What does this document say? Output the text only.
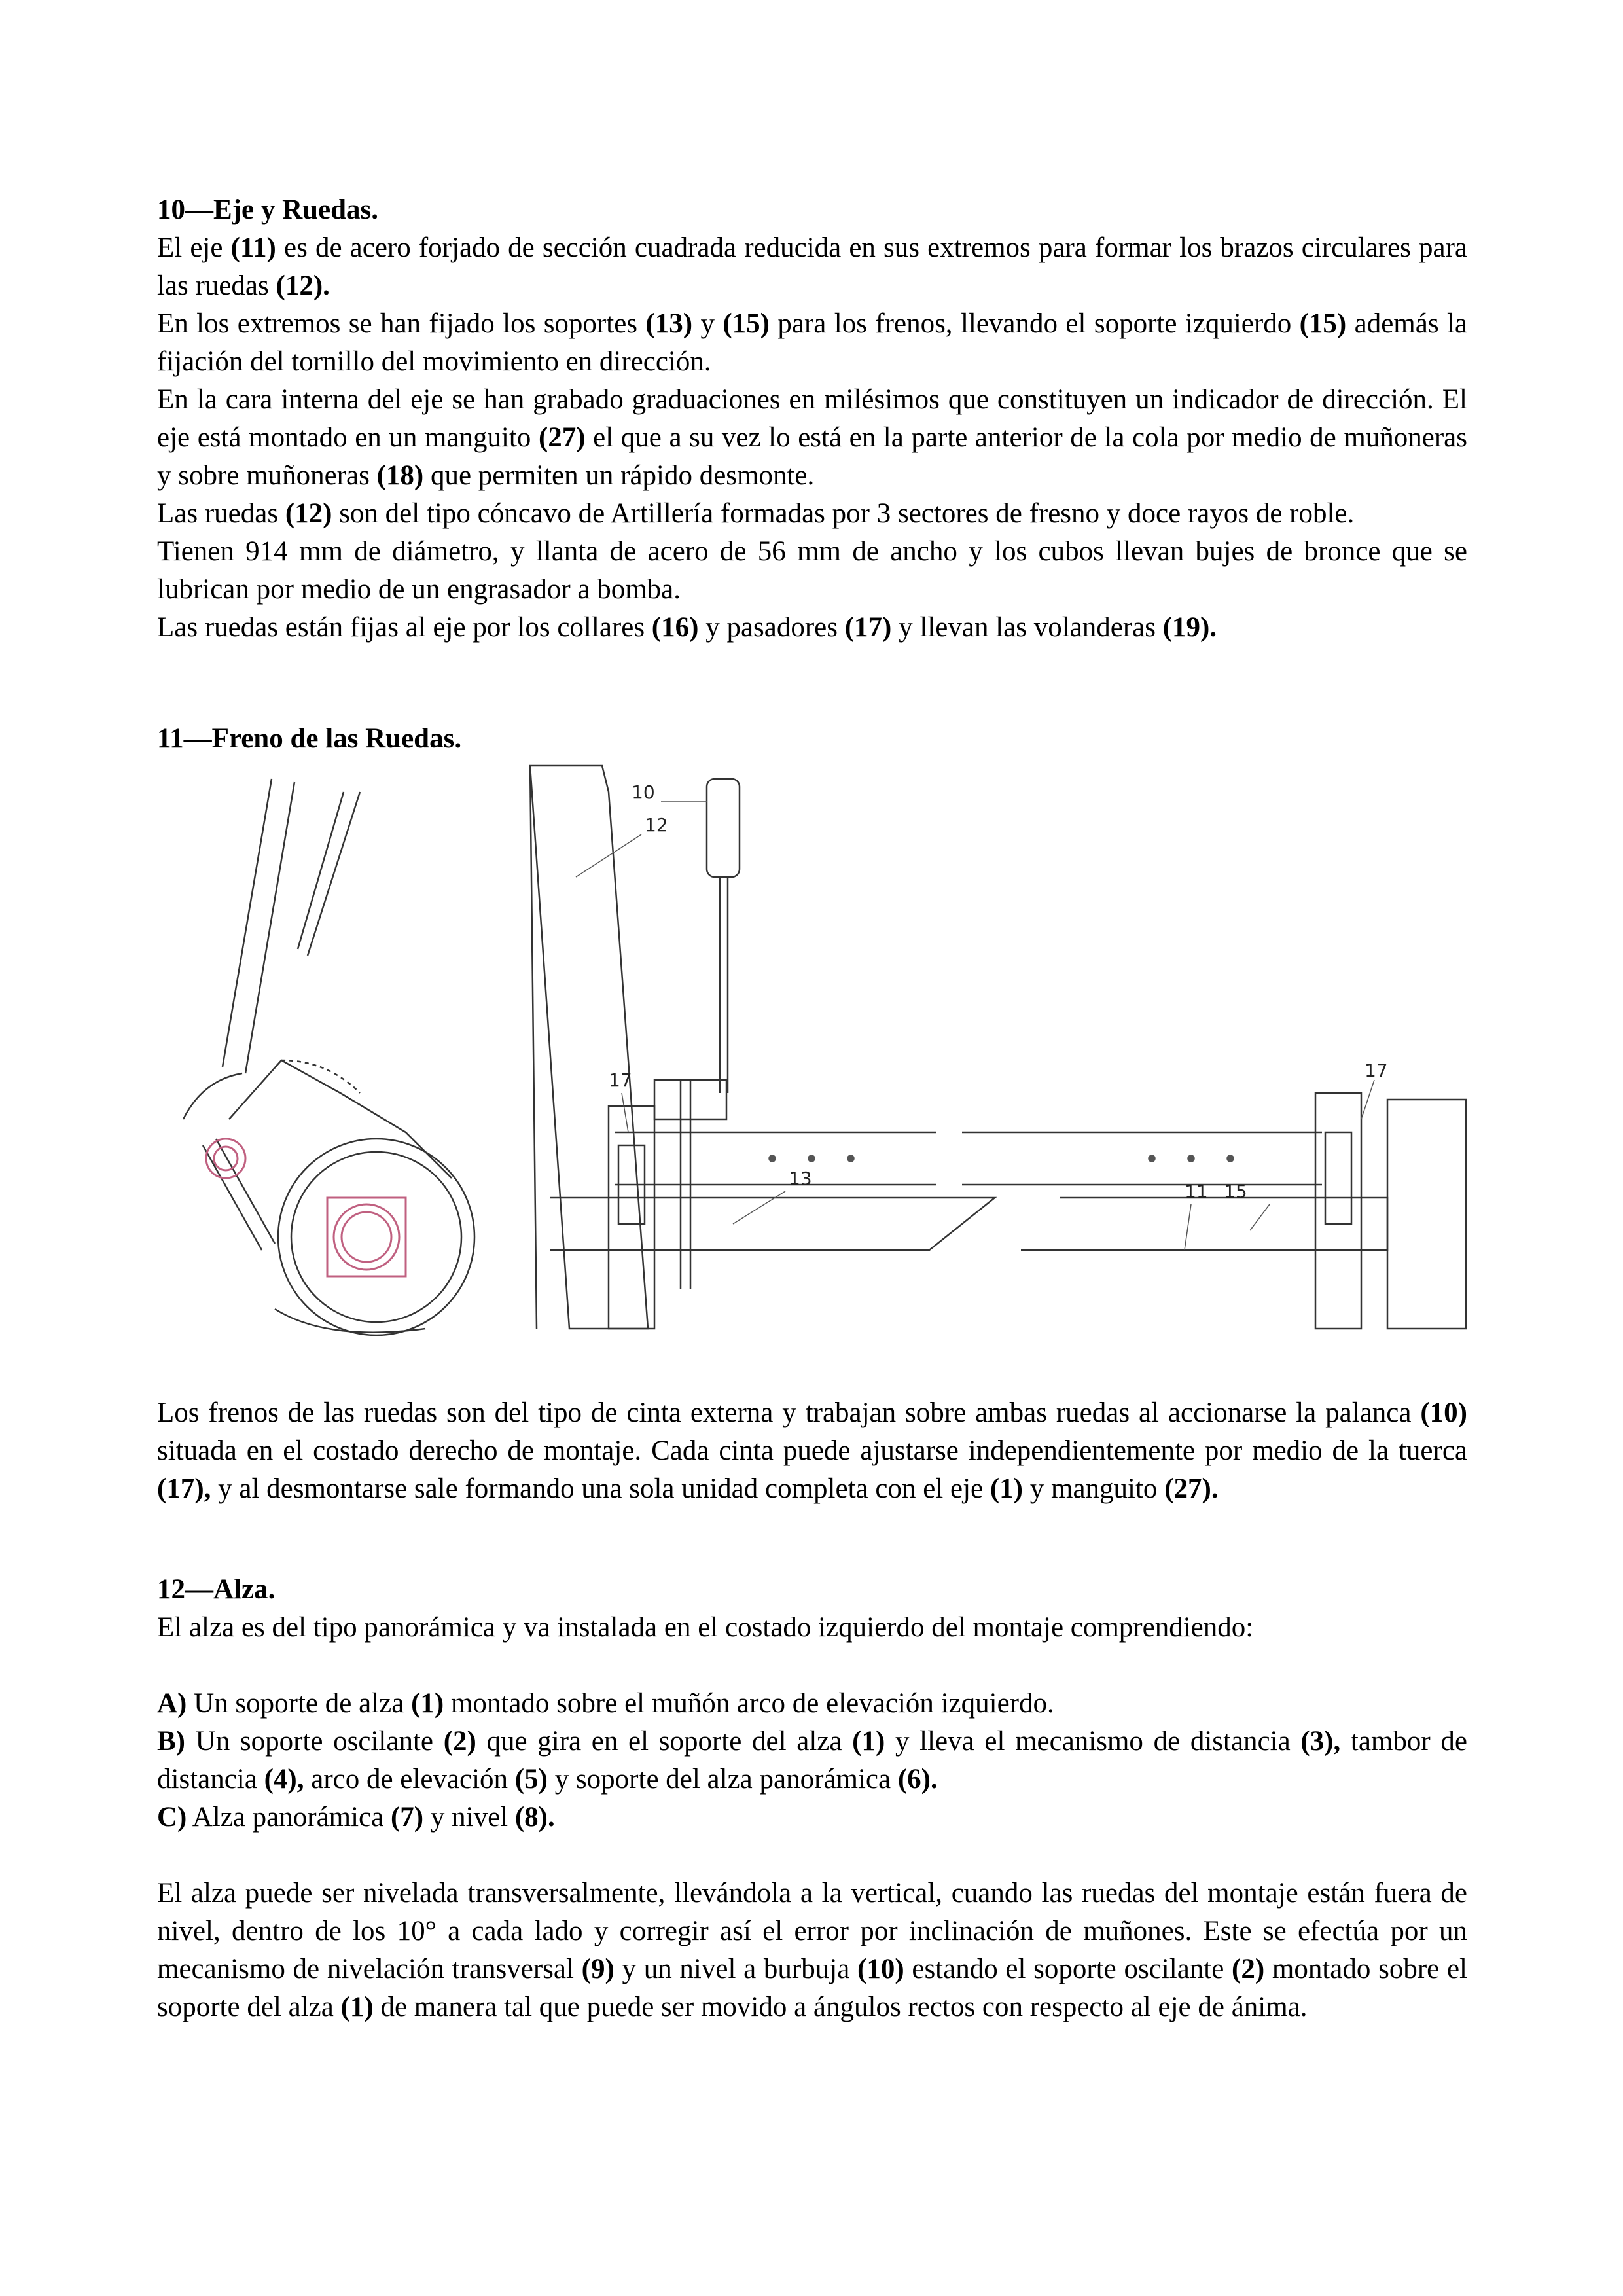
10—Eje y Ruedas.

El eje (11) es de acero forjado de sección cuadrada reducida en sus extremos para formar los brazos circulares para las ruedas (12).

En los extremos se han fijado los soportes (13) y (15) para los frenos, llevando el soporte izquierdo (15) además la fijación del tornillo del movimiento en dirección.

En la cara interna del eje se han grabado graduaciones en milésimos que constituyen un indicador de dirección. El eje está montado en un manguito (27) el que a su vez lo está en la parte anterior de la cola por medio de muñoneras y sobre muñoneras (18) que permiten un rápido desmonte.

Las ruedas (12) son del tipo cóncavo de Artillería formadas por 3 sectores de fresno y doce rayos de roble.

Tienen 914 mm de diámetro, y llanta de acero de 56 mm de ancho y los cubos llevan bujes de bronce que se lubrican por medio de un engrasador a bomba.

Las ruedas están fijas al eje por los collares (16) y pasadores (17) y llevan las volanderas (19).

11—Freno de las Ruedas.

10
12
17
13
17
11 15

Los frenos de las ruedas son del tipo de cinta externa y trabajan sobre ambas ruedas al accionarse la palanca (10) situada en el costado derecho de montaje. Cada cinta puede ajustarse independientemente por medio de la tuerca (17), y al desmontarse sale formando una sola unidad completa con el eje (1) y manguito (27).

12—Alza.

El alza es del tipo panorámica y va instalada en el costado izquierdo del montaje comprendiendo:

A) Un soporte de alza (1) montado sobre el muñón arco de elevación izquierdo.

B) Un soporte oscilante (2) que gira en el soporte del alza (1) y lleva el mecanismo de distancia (3), tambor de distancia (4), arco de elevación (5) y soporte del alza panorámica (6).

C) Alza panorámica (7) y nivel (8).

El alza puede ser nivelada transversalmente, llevándola a la vertical, cuando las ruedas del montaje están fuera de nivel, dentro de los 10° a cada lado y corregir así el error por inclinación de muñones. Este se efectúa por un mecanismo de nivelación transversal (9) y un nivel a burbuja (10) estando el soporte oscilante (2) montado sobre el soporte del alza (1) de manera tal que puede ser movido a ángulos rectos con respecto al eje de ánima.
